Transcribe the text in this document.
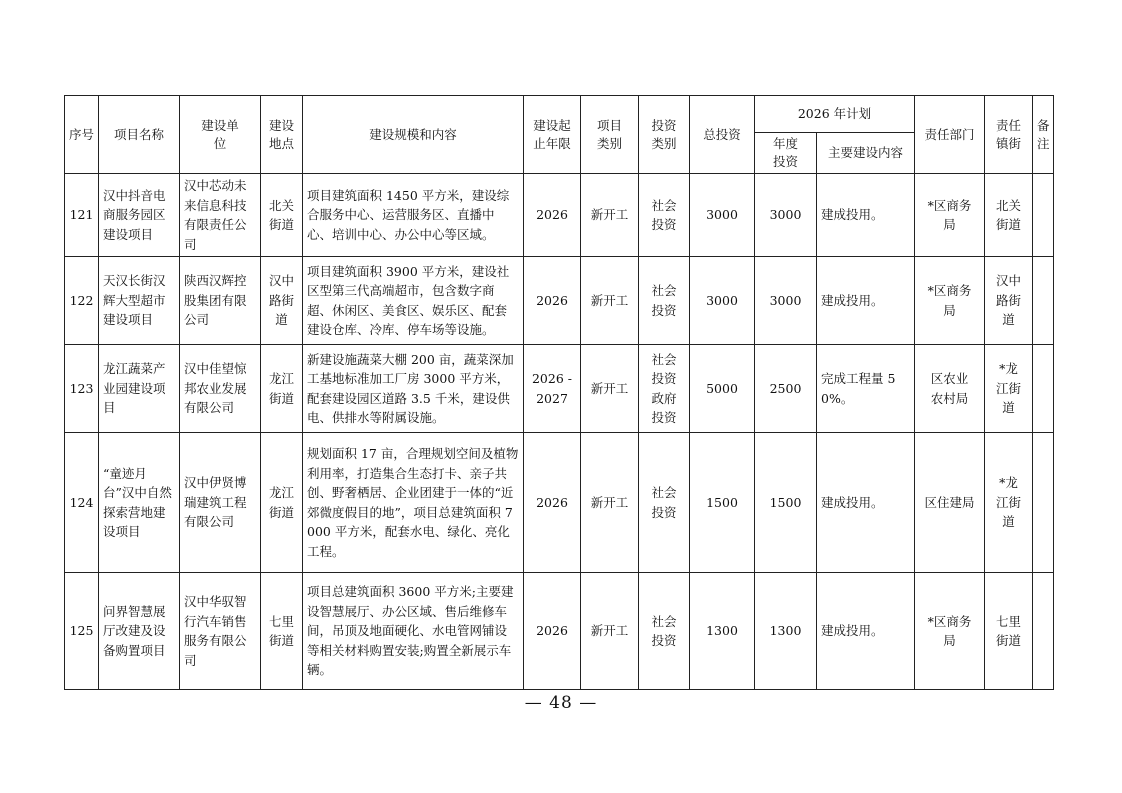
序号	项目名称	建设单位	建设地点	建设规模和内容	建设起止年限	项目类别	投资类别	总投资	2026 年计划		责任部门	责任镇街	备注

									年度投资	主要建设内容			

121	汉中抖音电商服务园区建设项目	汉中芯动未来信息科技有限责任公司	北关街道	项目建筑面积 1450 平方米，建设综合服务中心、运营服务区、直播中心、培训中心、办公中心等区域。	2026	新开工	社会投资	3000	3000	建成投用。	*区商务局	北关街道	

122	天汉长街汉辉大型超市建设项目	陕西汉辉控股集团有限公司	汉中路街道	项目建筑面积 3900 平方米，建设社区型第三代高端超市，包含数字商超、休闲区、美食区、娱乐区、配套建设仓库、冷库、停车场等设施。	2026	新开工	社会投资	3000	3000	建成投用。	*区商务局	汉中路街道	

123	龙江蔬菜产业园建设项目	汉中佳望惊邦农业发展有限公司	龙江街道	新建设施蔬菜大棚 200 亩，蔬菜深加工基地标准加工厂房 3000 平方米，配套建设园区道路 3.5 千米，建设供电、供排水等附属设施。	2026 - 2027	新开工	社会投资政府投资	5000	2500	完成工程量 50%。	区农业农村局	*龙江街道	

124	“童迹月台”汉中自然探索营地建设项目	汉中伊贤博瑞建筑工程有限公司	龙江街道	规划面积 17 亩，合理规划空间及植物利用率，打造集合生态打卡、亲子共创、野奢栖居、企业团建于一体的“近郊微度假目的地”，项目总建筑面积 7000 平方米，配套水电、绿化、亮化工程。	2026	新开工	社会投资	1500	1500	建成投用。	区住建局	*龙江街道	

125	问界智慧展厅改建及设备购置项目	汉中华驭智行汽车销售服务有限公司	七里街道	项目总建筑面积 3600 平方米;主要建设智慧展厅、办公区域、售后维修车间，吊顶及地面硬化、水电管网铺设等相关材料购置安装;购置全新展示车辆。	2026	新开工	社会投资	1300	1300	建成投用。	*区商务局	七里街道	

— 48 —
